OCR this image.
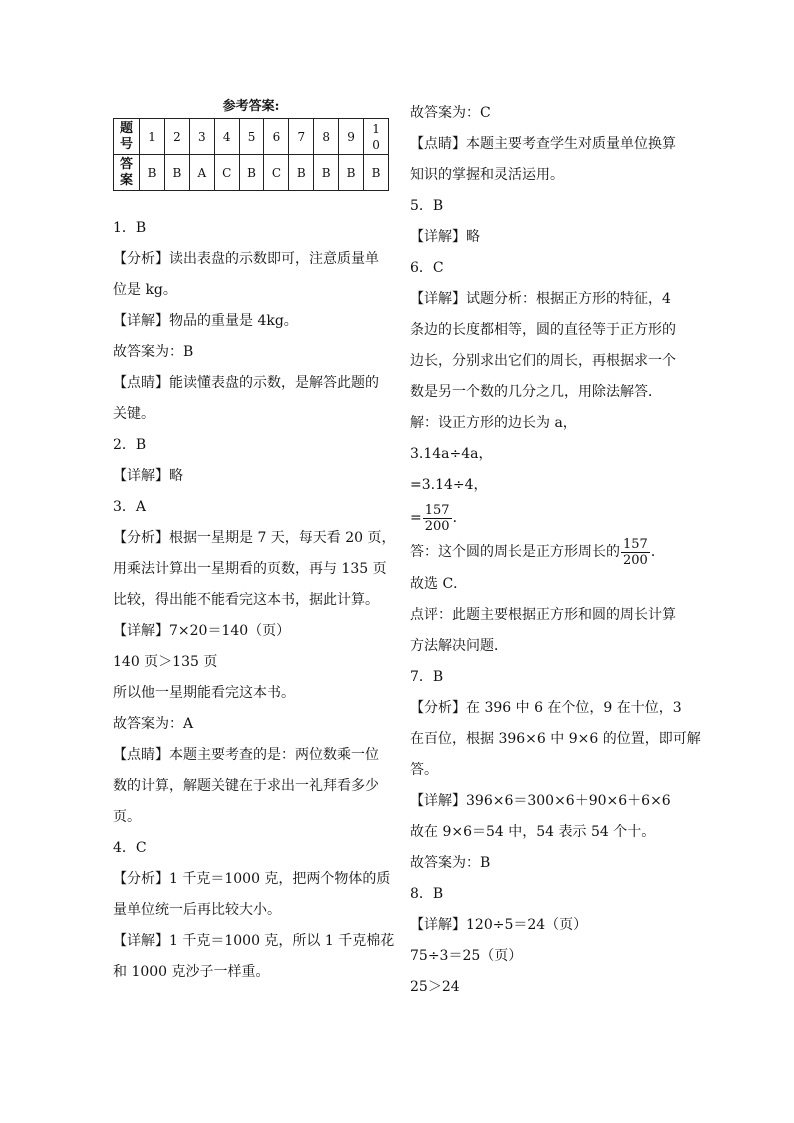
参考答案:
题
号	1	2	3	4	5	6	7	8	9	1
0
答
案	B	B	A	C	B	C	B	B	B	B
1．B
【分析】读出表盘的示数即可，注意质量单
位是 kg。
【详解】物品的重量是 4kg。
故答案为：B
【点睛】能读懂表盘的示数，是解答此题的
关键。
2．B
【详解】略
3．A
【分析】根据一星期是 7 天，每天看 20 页，
用乘法计算出一星期看的页数，再与 135 页
比较，得出能不能看完这本书，据此计算。
【详解】7×20＝140（页）
140 页＞135 页
所以他一星期能看完这本书。
故答案为：A
【点睛】本题主要考查的是：两位数乘一位
数的计算，解题关键在于求出一礼拜看多少
页。
4．C
【分析】1 千克＝1000 克，把两个物体的质
量单位统一后再比较大小。
【详解】1 千克＝1000 克，所以 1 千克棉花
和 1000 克沙子一样重。
故答案为：C
【点睛】本题主要考查学生对质量单位换算
知识的掌握和灵活运用。
5．B
【详解】略
6．C
【详解】试题分析：根据正方形的特征，4
条边的长度都相等，圆的直径等于正方形的
边长，分别求出它们的周长，再根据求一个
数是另一个数的几分之几，用除法解答．
解：设正方形的边长为 a，
3.14a÷4a，
=3.14÷4，
= $\frac{157}{200}$ ．
答：这个圆的周长是正方形周长的 $\frac{157}{200}$ ．
故选 C．
点评：此题主要根据正方形和圆的周长计算
方法解决问题．
7．B
【分析】在 396 中 6 在个位，9 在十位，3
在百位，根据 396×6 中 9×6 的位置，即可解
答。
【详解】396×6＝300×6＋90×6＋6×6
故在 9×6＝54 中，54 表示 54 个十。
故答案为：B
8．B
【详解】120÷5＝24（页）
75÷3＝25（页）
25＞24
